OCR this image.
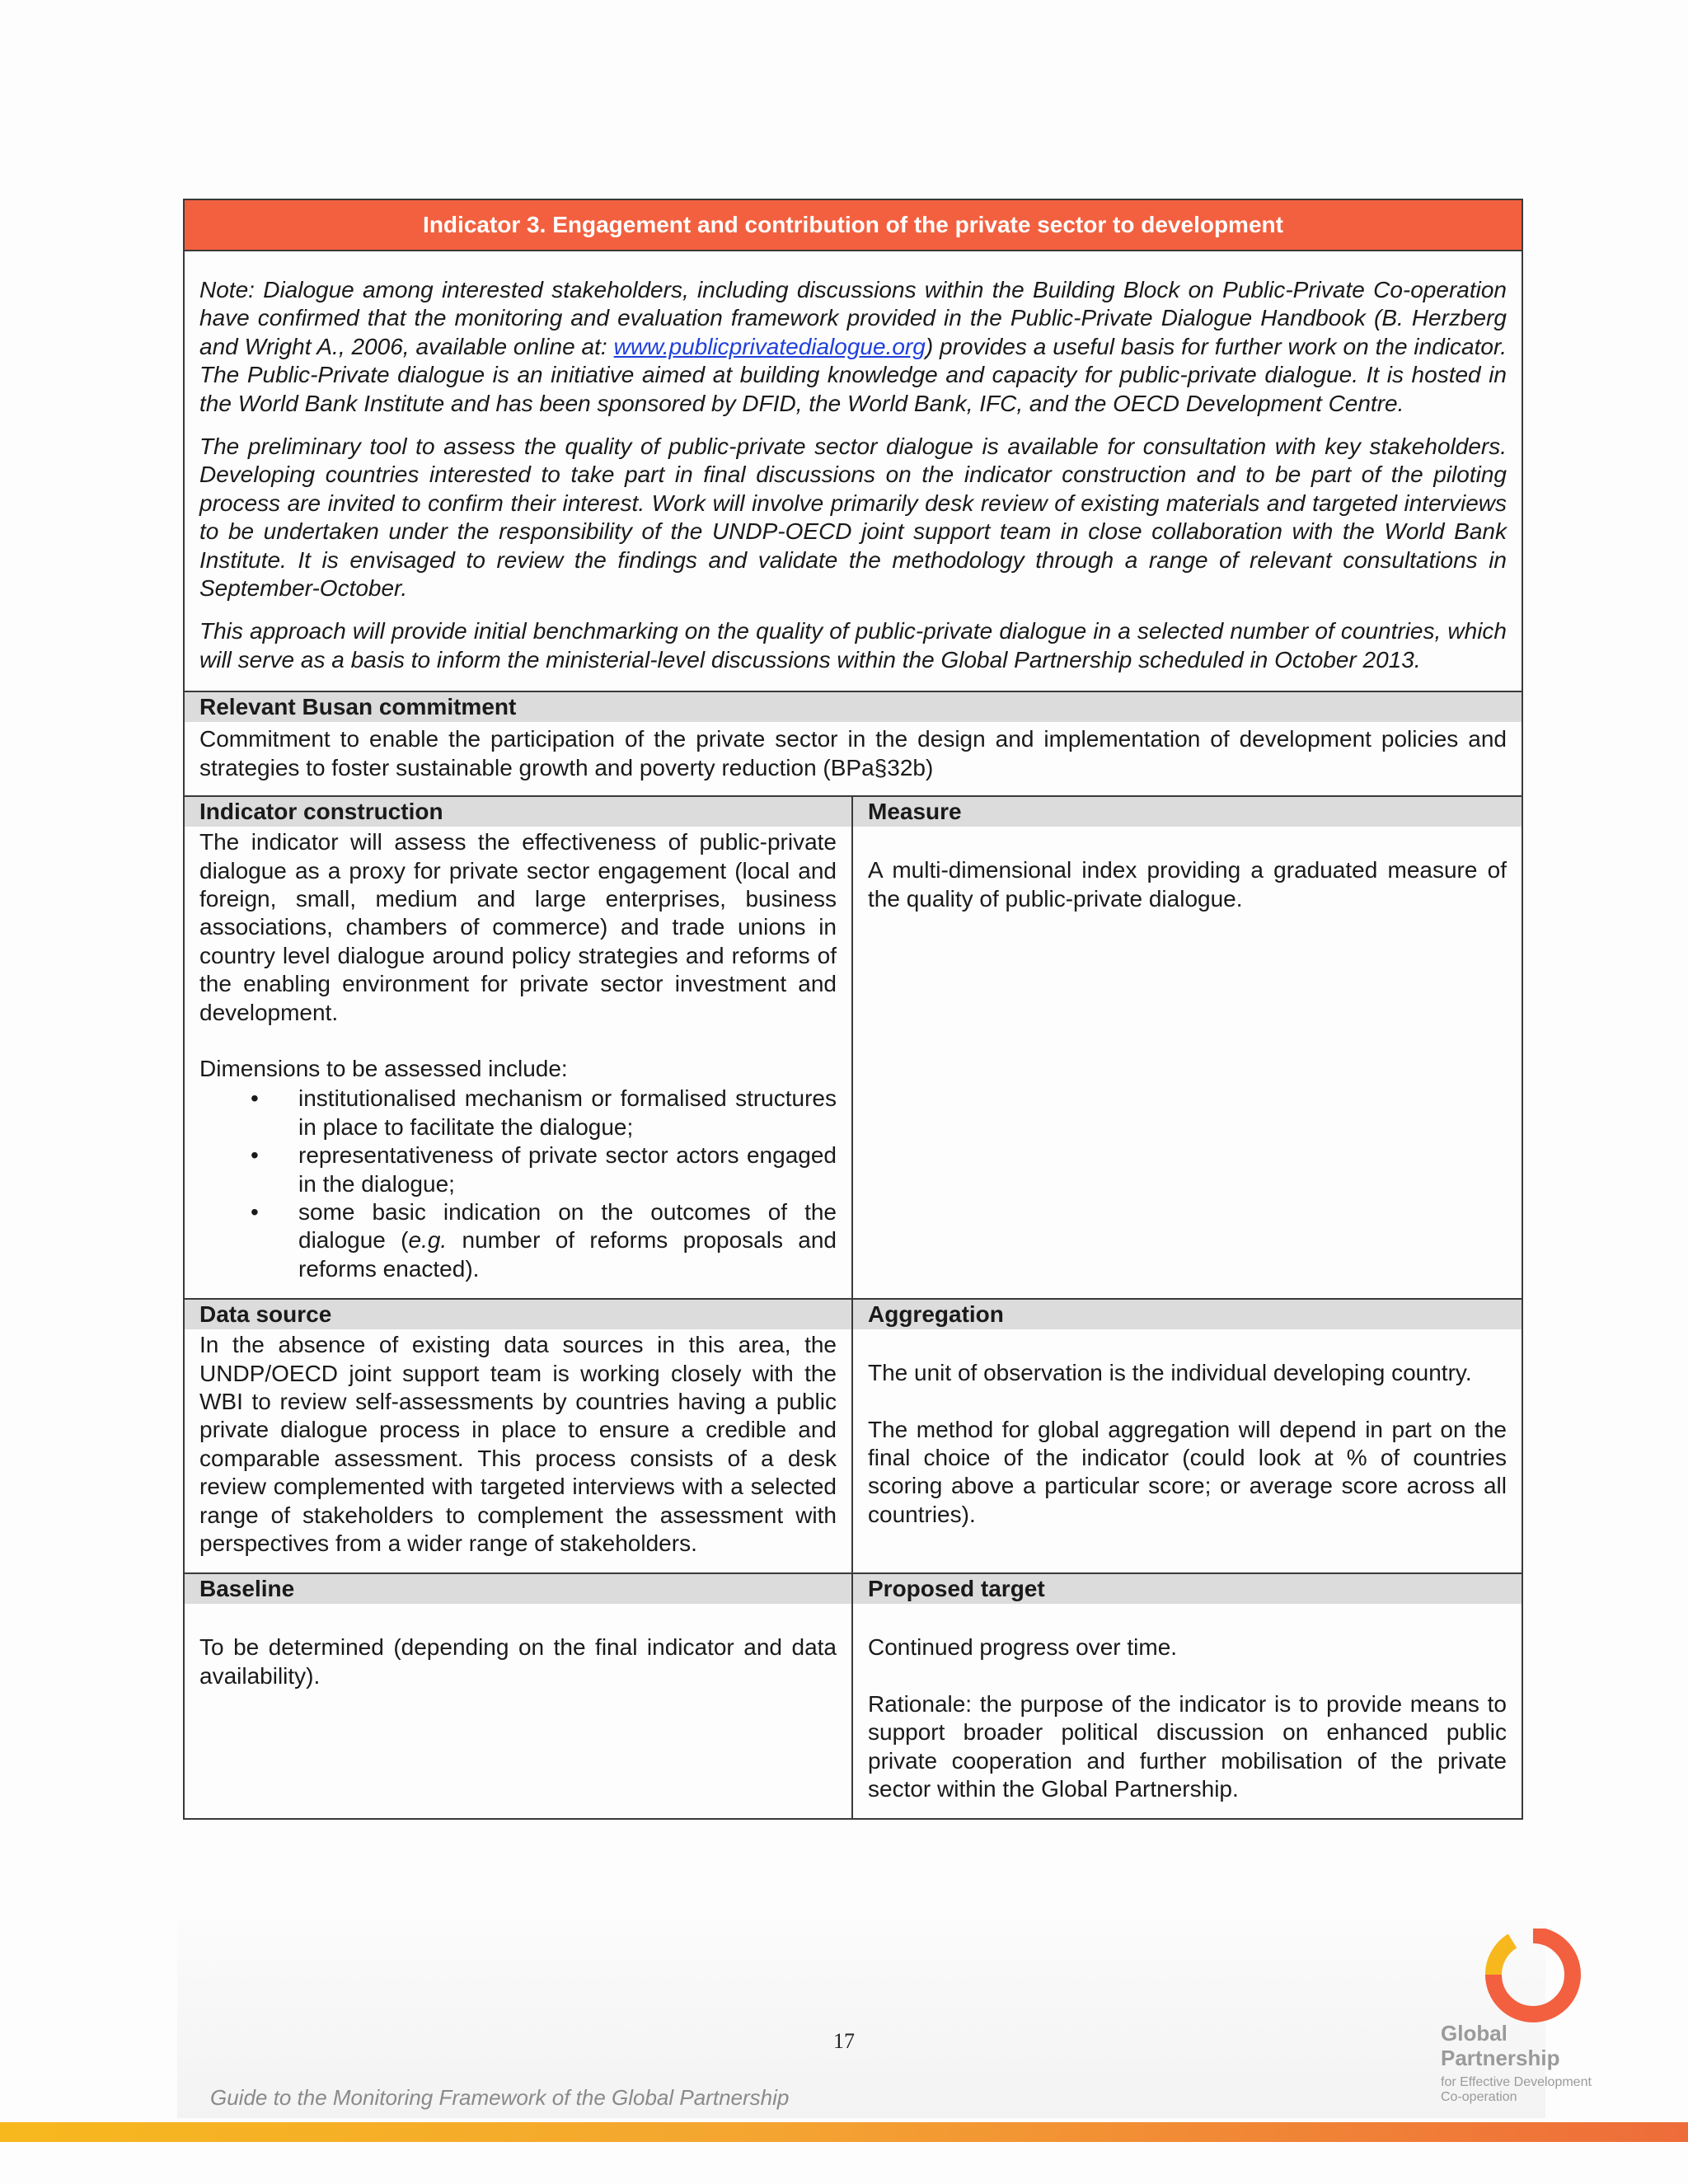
Indicator 3. Engagement and contribution of the private sector to development

Note: Dialogue among interested stakeholders, including discussions within the Building Block on Public-Private Co-operation have confirmed that the monitoring and evaluation framework provided in the Public-Private Dialogue Handbook (B. Herzberg and Wright A., 2006, available online at: www.publicprivatedialogue.org) provides a useful basis for further work on the indicator. The Public-Private dialogue is an initiative aimed at building knowledge and capacity for public-private dialogue. It is hosted in the World Bank Institute and has been sponsored by DFID, the World Bank, IFC, and the OECD Development Centre.

The preliminary tool to assess the quality of public-private sector dialogue is available for consultation with key stakeholders. Developing countries interested to take part in final discussions on the indicator construction and to be part of the piloting process are invited to confirm their interest. Work will involve primarily desk review of existing materials and targeted interviews to be undertaken under the responsibility of the UNDP-OECD joint support team in close collaboration with the World Bank Institute. It is envisaged to review the findings and validate the methodology through a range of relevant consultations in September-October.

This approach will provide initial benchmarking on the quality of public-private dialogue in a selected number of countries, which will serve as a basis to inform the ministerial-level discussions within the Global Partnership scheduled in October 2013.

Relevant Busan commitment
Commitment to enable the participation of the private sector in the design and implementation of development policies and strategies to foster sustainable growth and poverty reduction (BPa§32b)
Indicator construction

The indicator will assess the effectiveness of public-private dialogue as a proxy for private sector engagement (local and foreign, small, medium and large enterprises, business associations, chambers of commerce) and trade unions in country level dialogue around policy strategies and reforms of the enabling environment for private sector investment and development.

Dimensions to be assessed include:
• institutionalised mechanism or formalised structures in place to facilitate the dialogue;
• representativeness of private sector actors engaged in the dialogue;
• some basic indication on the outcomes of the dialogue (e.g. number of reforms proposals and reforms enacted).
Measure
A multi-dimensional index providing a graduated measure of the quality of public-private dialogue.
Data source
In the absence of existing data sources in this area, the UNDP/OECD joint support team is working closely with the WBI to review self-assessments by countries having a public private dialogue process in place to ensure a credible and comparable assessment. This process consists of a desk review complemented with targeted interviews with a selected range of stakeholders to complement the assessment with perspectives from a wider range of stakeholders.
Aggregation

The unit of observation is the individual developing country.

The method for global aggregation will depend in part on the final choice of the indicator (could look at % of countries scoring above a particular score; or average score across all countries).

Baseline
To be determined (depending on the final indicator and data availability).
Proposed target

Continued progress over time.

Rationale: the purpose of the indicator is to provide means to support broader political discussion on enhanced public private cooperation and further mobilisation of the private sector within the Global Partnership.

17
Guide to the Monitoring Framework of the Global Partnership
Global
Partnership
for Effective Development
Co-operation
